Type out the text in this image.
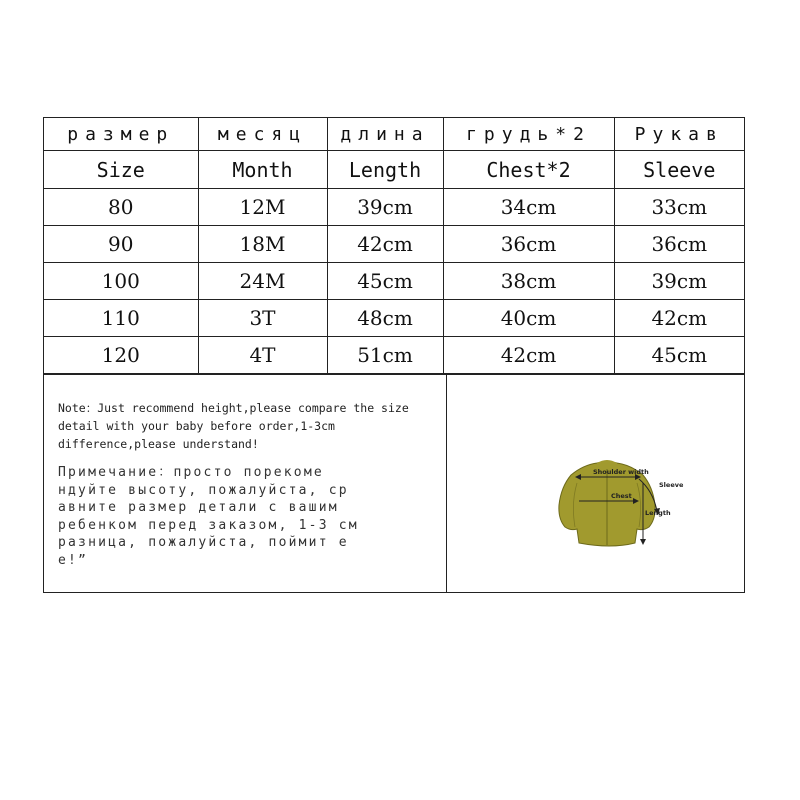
размер	месяц	длина	грудь*2	Рукав
Size	Month	Length	Chest*2	Sleeve
80	12M	39cm	34cm	33cm
90	18M	42cm	36cm	36cm
100	24M	45cm	38cm	39cm
110	3T	48cm	40cm	42cm
120	4T	51cm	42cm	45cm
Note：Just recommend height,please compare the size
detail with your baby before order,1-3cm
difference,please understand!
Примечание：просто порекоме
ндуйте высоту, пожалуйста, ср
авните размер детали с вашим
ребенком перед заказом, 1-3 см
разница, пожалуйста, поймит е
е!”
Shoulder width
Sleeve
Chest
Length
